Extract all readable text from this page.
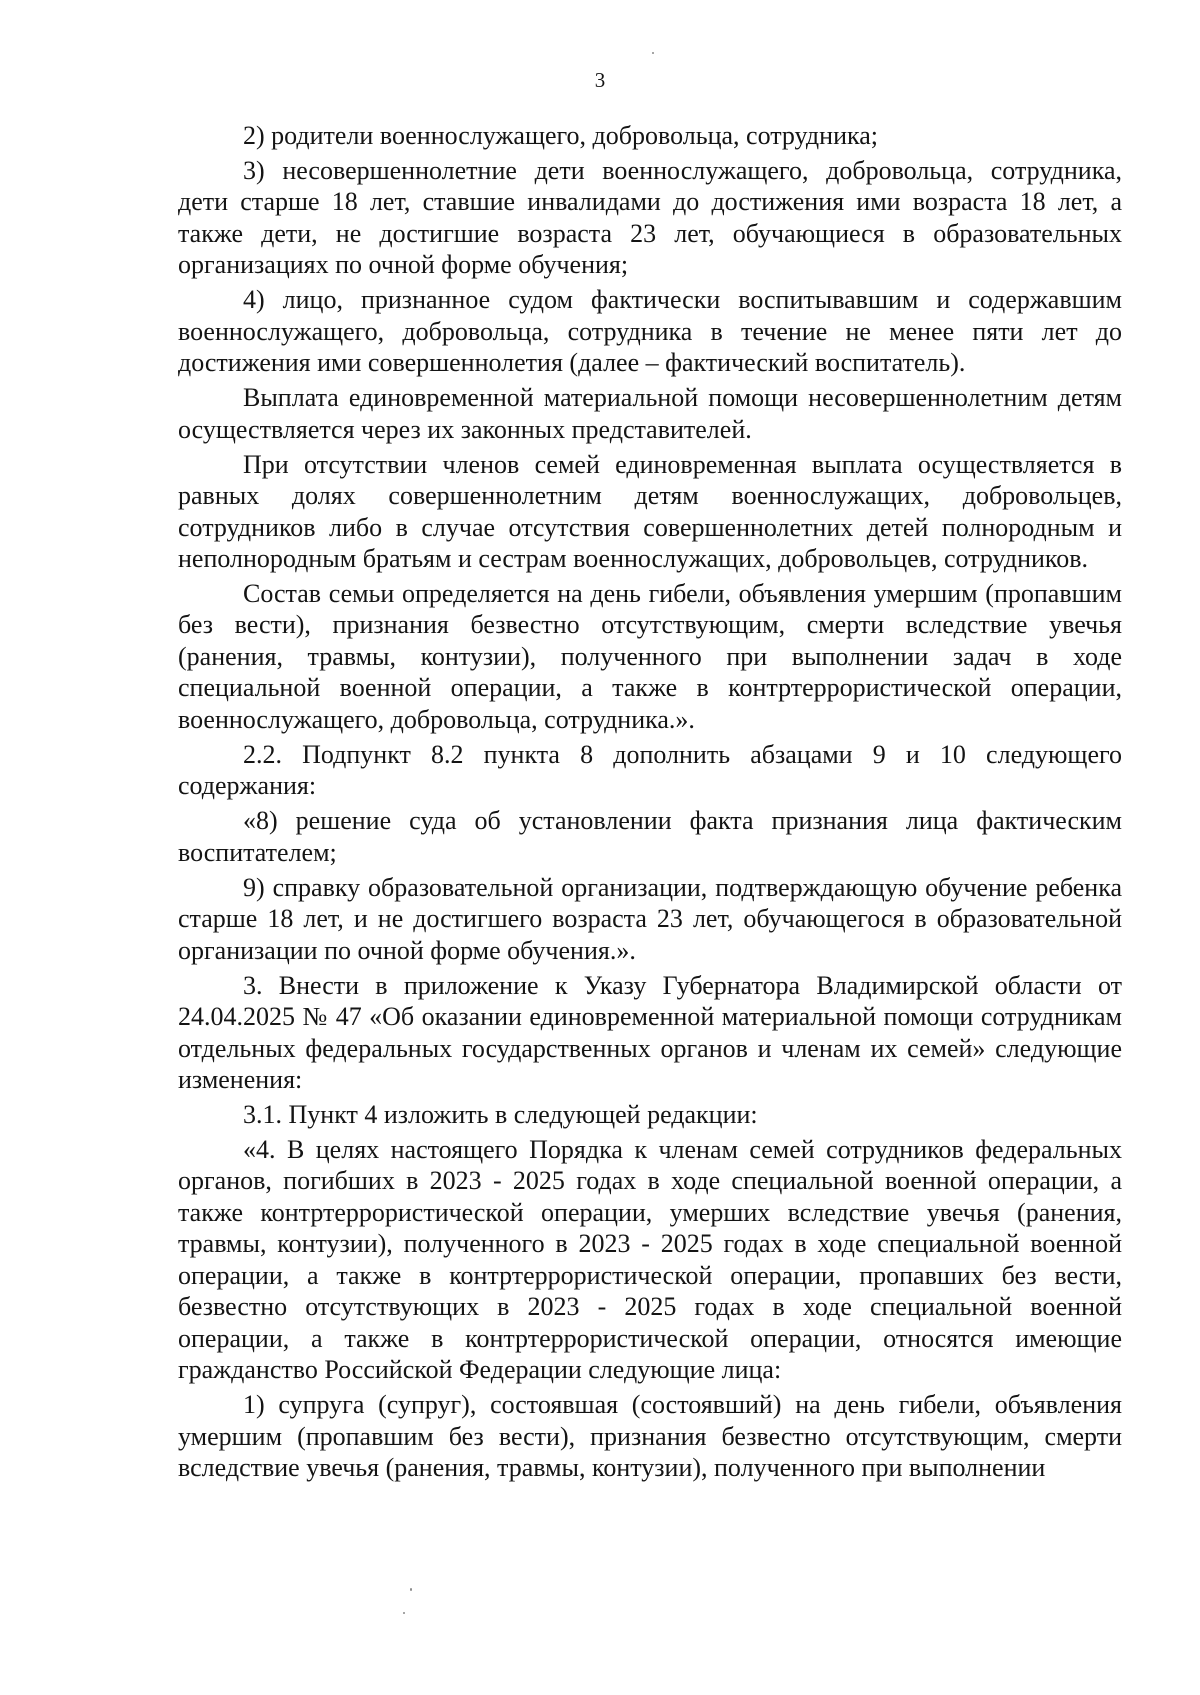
3

2) родители военнослужащего, добровольца, сотрудника;

3) несовершеннолетние дети военнослужащего, добровольца, сотрудника, дети старше 18 лет, ставшие инвалидами до достижения ими возраста 18 лет, а также дети, не достигшие возраста 23 лет, обучающиеся в образовательных организациях по очной форме обучения;

4) лицо, признанное судом фактически воспитывавшим и содержавшим военнослужащего, добровольца, сотрудника в течение не менее пяти лет до достижения ими совершеннолетия (далее – фактический воспитатель).

Выплата единовременной материальной помощи несовершеннолетним детям осуществляется через их законных представителей.

При отсутствии членов семей единовременная выплата осуществляется в равных долях совершеннолетним детям военнослужащих, добровольцев, сотрудников либо в случае отсутствия совершеннолетних детей полнородным и неполнородным братьям и сестрам военнослужащих, добровольцев, сотрудников.

Состав семьи определяется на день гибели, объявления умершим (пропавшим без вести), признания безвестно отсутствующим, смерти вследствие увечья (ранения, травмы, контузии), полученного при выполнении задач в ходе специальной военной операции, а также в контртеррористической операции, военнослужащего, добровольца, сотрудника.».

2.2. Подпункт 8.2 пункта 8 дополнить абзацами 9 и 10 следующего содержания:

«8) решение суда об установлении факта признания лица фактическим воспитателем;

9) справку образовательной организации, подтверждающую обучение ребенка старше 18 лет, и не достигшего возраста 23 лет, обучающегося в образовательной организации по очной форме обучения.».

3. Внести в приложение к Указу Губернатора Владимирской области от 24.04.2025 № 47 «Об оказании единовременной материальной помощи сотрудникам отдельных федеральных государственных органов и членам их семей» следующие изменения:

3.1. Пункт 4 изложить в следующей редакции:

«4. В целях настоящего Порядка к членам семей сотрудников федеральных органов, погибших в 2023 - 2025 годах в ходе специальной военной операции, а также контртеррористической операции, умерших вследствие увечья (ранения, травмы, контузии), полученного в 2023 - 2025 годах в ходе специальной военной операции, а также в контртеррористической операции, пропавших без вести, безвестно отсутствующих в 2023 - 2025 годах в ходе специальной военной операции, а также в контртеррористической операции, относятся имеющие гражданство Российской Федерации следующие лица:

1) супруга (супруг), состоявшая (состоявший) на день гибели, объявления умершим (пропавшим без вести), признания безвестно отсутствующим, смерти вследствие увечья (ранения, травмы, контузии), полученного при выполнении
